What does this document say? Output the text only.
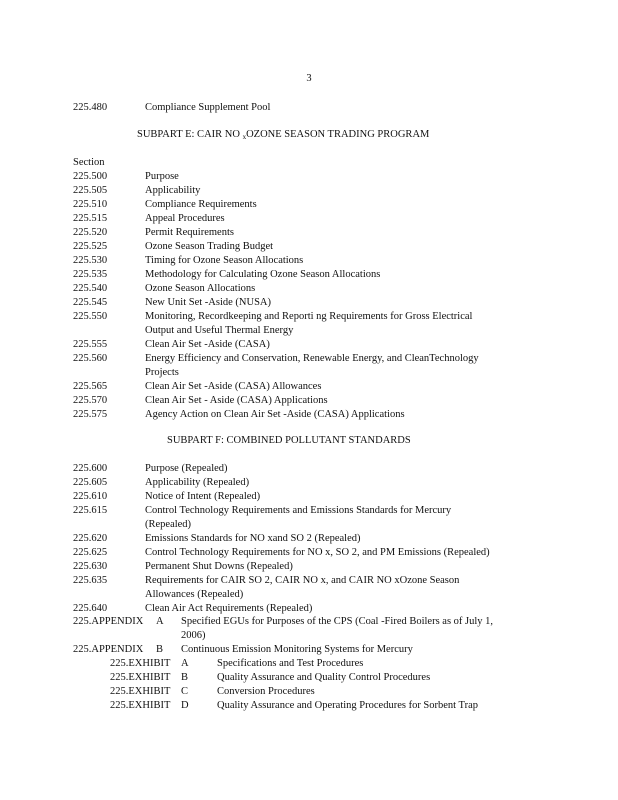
3
225.480	Compliance Supplement Pool
SUBPART E: CAIR NO $_x$OZONE SEASON TRADING PROGRAM
Section
225.500	Purpose
225.505	Applicability
225.510	Compliance Requirements
225.515	Appeal Procedures
225.520	Permit Requirements
225.525	Ozone Season Trading Budget
225.530	Timing for Ozone Season Allocations
225.535	Methodology for Calculating Ozone Season Allocations
225.540	Ozone Season Allocations
225.545	New Unit Set -Aside (NUSA)
225.550	Monitoring, Recordkeeping and Reporti ng Requirements for Gross Electrical
Output and Useful Thermal Energy
225.555	Clean Air Set -Aside (CASA)
225.560	Energy Efficiency and Conservation, Renewable Energy, and CleanTechnology
Projects
225.565	Clean Air Set -Aside (CASA) Allowances
225.570	Clean Air Set - Aside (CASA) Applications
225.575	Agency Action on Clean Air Set -Aside (CASA) Applications
SUBPART F: COMBINED POLLUTANT STANDARDS
225.600	Purpose (Repealed)
225.605	Applicability (Repealed)
225.610	Notice of Intent (Repealed)
225.615	Control Technology Requirements and Emissions Standards for Mercury
(Repealed)
225.620	Emissions Standards for NO xand SO 2 (Repealed)
225.625	Control Technology Requirements for NO x, SO 2, and PM Emissions (Repealed)
225.630	Permanent Shut Downs (Repealed)
225.635	Requirements for CAIR SO 2, CAIR NO x, and CAIR NO xOzone Season
Allowances (Repealed)
225.640	Clean Air Act Requirements (Repealed)
225.APPENDIX A Specified EGUs for Purposes of the CPS (Coal -Fired Boilers as of July 1,
2006)
225.APPENDIX B Continuous Emission Monitoring Systems for Mercury
225.EXHIBIT A	Specifications and Test Procedures
225.EXHIBIT B	Quality Assurance and Quality Control Procedures
225.EXHIBIT C	Conversion Procedures
225.EXHIBIT D	Quality Assurance and Operating Procedures for Sorbent Trap
